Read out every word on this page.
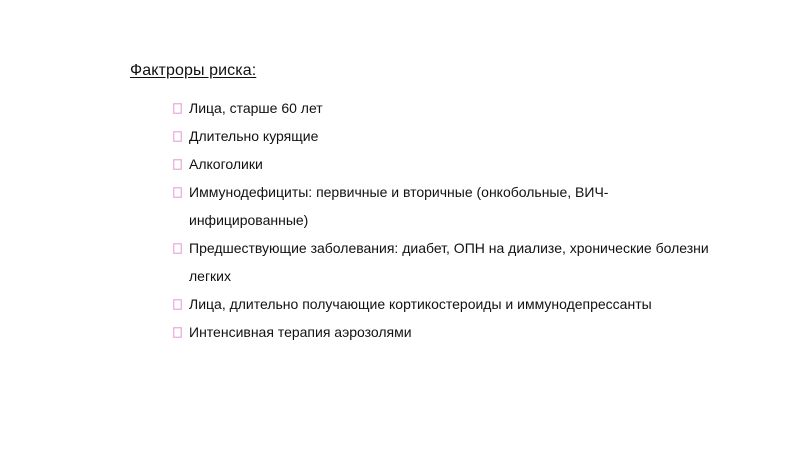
Фактроры риска:
Лица, старше 60 лет
Длительно курящие
Алкоголики
Иммунодефициты: первичные и вторичные (онкобольные, ВИЧ-инфицированные)
Предшествующие заболевания: диабет, ОПН на диализе, хронические болезни легких
Лица, длительно получающие кортикостероиды и иммунодепрессанты
Интенсивная терапия аэрозолями
